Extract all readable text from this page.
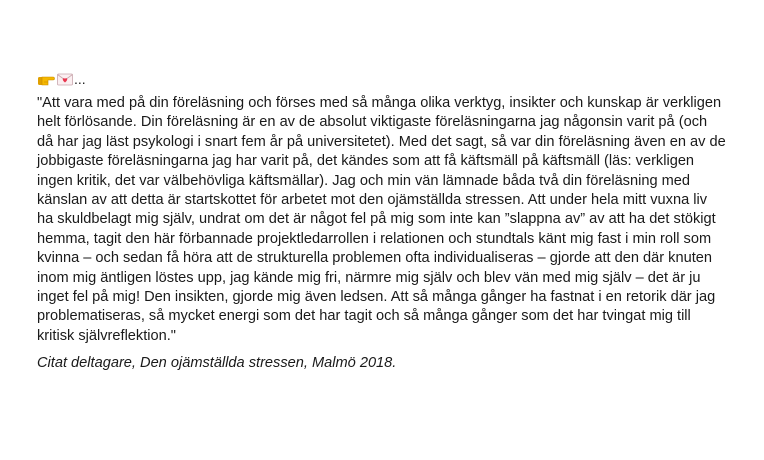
...

"Att vara med på din föreläsning och förses med så många olika verktyg, insikter och kunskap är verkligen helt förlösande. Din föreläsning är en av de absolut viktigaste föreläsningarna jag någonsin varit på (och då har jag läst psykologi i snart fem år på universitetet). Med det sagt, så var din föreläsning även en av de jobbigaste föreläsningarna jag har varit på, det kändes som att få käftsmäll på käftsmäll (läs: verkligen ingen kritik, det var välbehövliga käftsmällar). Jag och min vän lämnade båda två din föreläsning med känslan av att detta är startskottet för arbetet mot den ojämställda stressen. Att under hela mitt vuxna liv ha skuldbelagt mig själv, undrat om det är något fel på mig som inte kan ”slappna av” av att ha det stökigt hemma, tagit den här förbannade projektledarrollen i relationen och stundtals känt mig fast i min roll som kvinna – och sedan få höra att de strukturella problemen ofta individualiseras – gjorde att den där knuten inom mig äntligen löstes upp, jag kände mig fri, närmre mig själv och blev vän med mig själv – det är ju inget fel på mig! Den insikten, gjorde mig även ledsen. Att så många gånger ha fastnat i en retorik där jag problematiseras, så mycket energi som det har tagit och så många gånger som det har tvingat mig till kritisk självreflektion."

Citat deltagare, Den ojämställda stressen, Malmö 2018.
